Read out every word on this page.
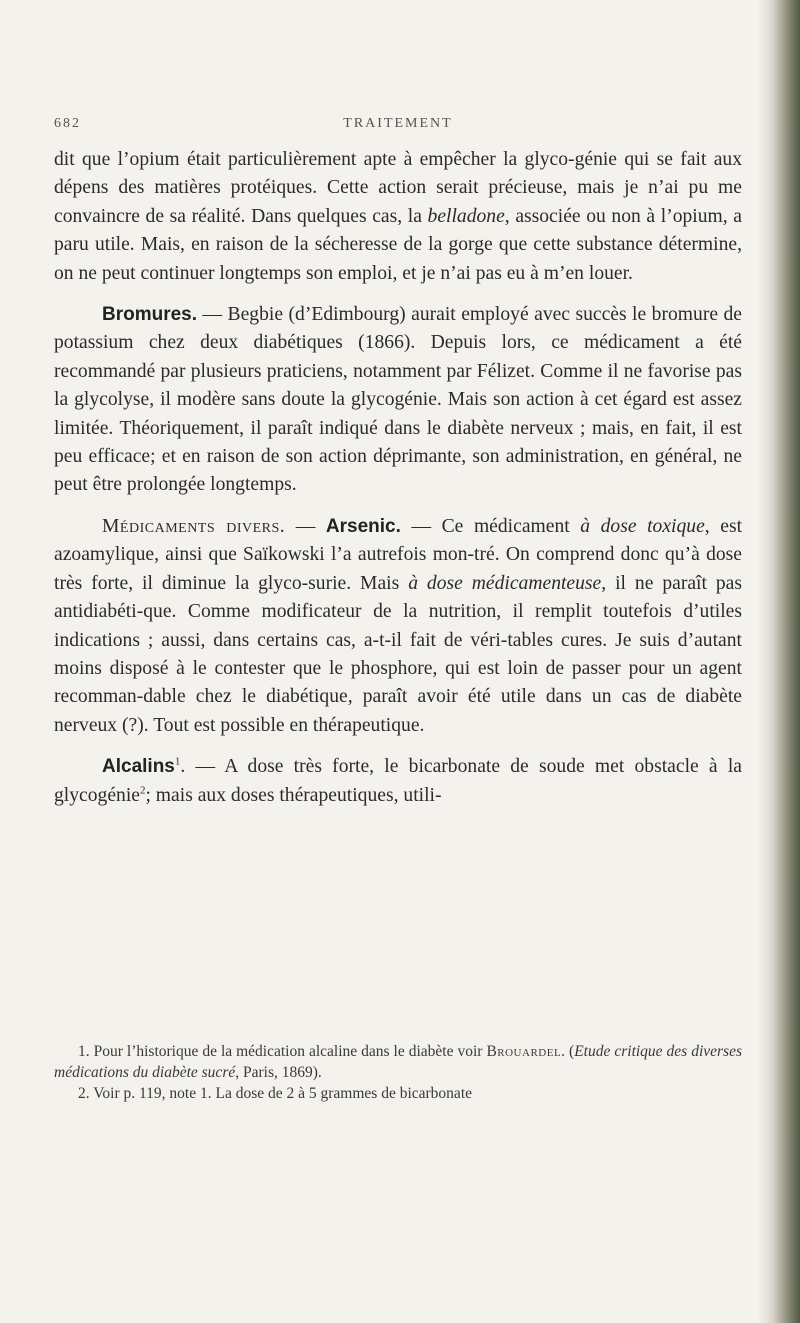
682	TRAITEMENT

dit que l’opium était particulièrement apte à empêcher la glyco-génie qui se fait aux dépens des matières protéiques. Cette action serait précieuse, mais je n’ai pu me convaincre de sa réalité. Dans quelques cas, la belladone, associée ou non à l’opium, a paru utile. Mais, en raison de la sécheresse de la gorge que cette substance détermine, on ne peut continuer longtemps son emploi, et je n’ai pas eu à m’en louer.

Bromures. — Begbie (d’Edimbourg) aurait employé avec succès le bromure de potassium chez deux diabétiques (1866). Depuis lors, ce médicament a été recommandé par plusieurs praticiens, notamment par Félizet. Comme il ne favorise pas la glycolyse, il modère sans doute la glycogénie. Mais son action à cet égard est assez limitée. Théoriquement, il paraît indiqué dans le diabète nerveux ; mais, en fait, il est peu efficace; et en raison de son action déprimante, son administration, en général, ne peut être prolongée longtemps.

Médicaments divers. — Arsenic. — Ce médicament à dose toxique, est azoamylique, ainsi que Saïkowski l’a autrefois mon-tré. On comprend donc qu’à dose très forte, il diminue la glyco-surie. Mais à dose médicamenteuse, il ne paraît pas antidiabéti-que. Comme modificateur de la nutrition, il remplit toutefois d’utiles indications ; aussi, dans certains cas, a-t-il fait de véri-tables cures. Je suis d’autant moins disposé à le contester que le phosphore, qui est loin de passer pour un agent recomman-dable chez le diabétique, paraît avoir été utile dans un cas de diabète nerveux (?). Tout est possible en thérapeutique.

Alcalins$^1$. — A dose très forte, le bicarbonate de soude met obstacle à la glycogénie$^2$; mais aux doses thérapeutiques, utili-

1. Pour l’historique de la médication alcaline dans le diabète voir Brouardel. (Etude critique des diverses médications du diabète sucré, Paris, 1869).

2. Voir p. 119, note 1. La dose de 2 à 5 grammes de bicarbonate
